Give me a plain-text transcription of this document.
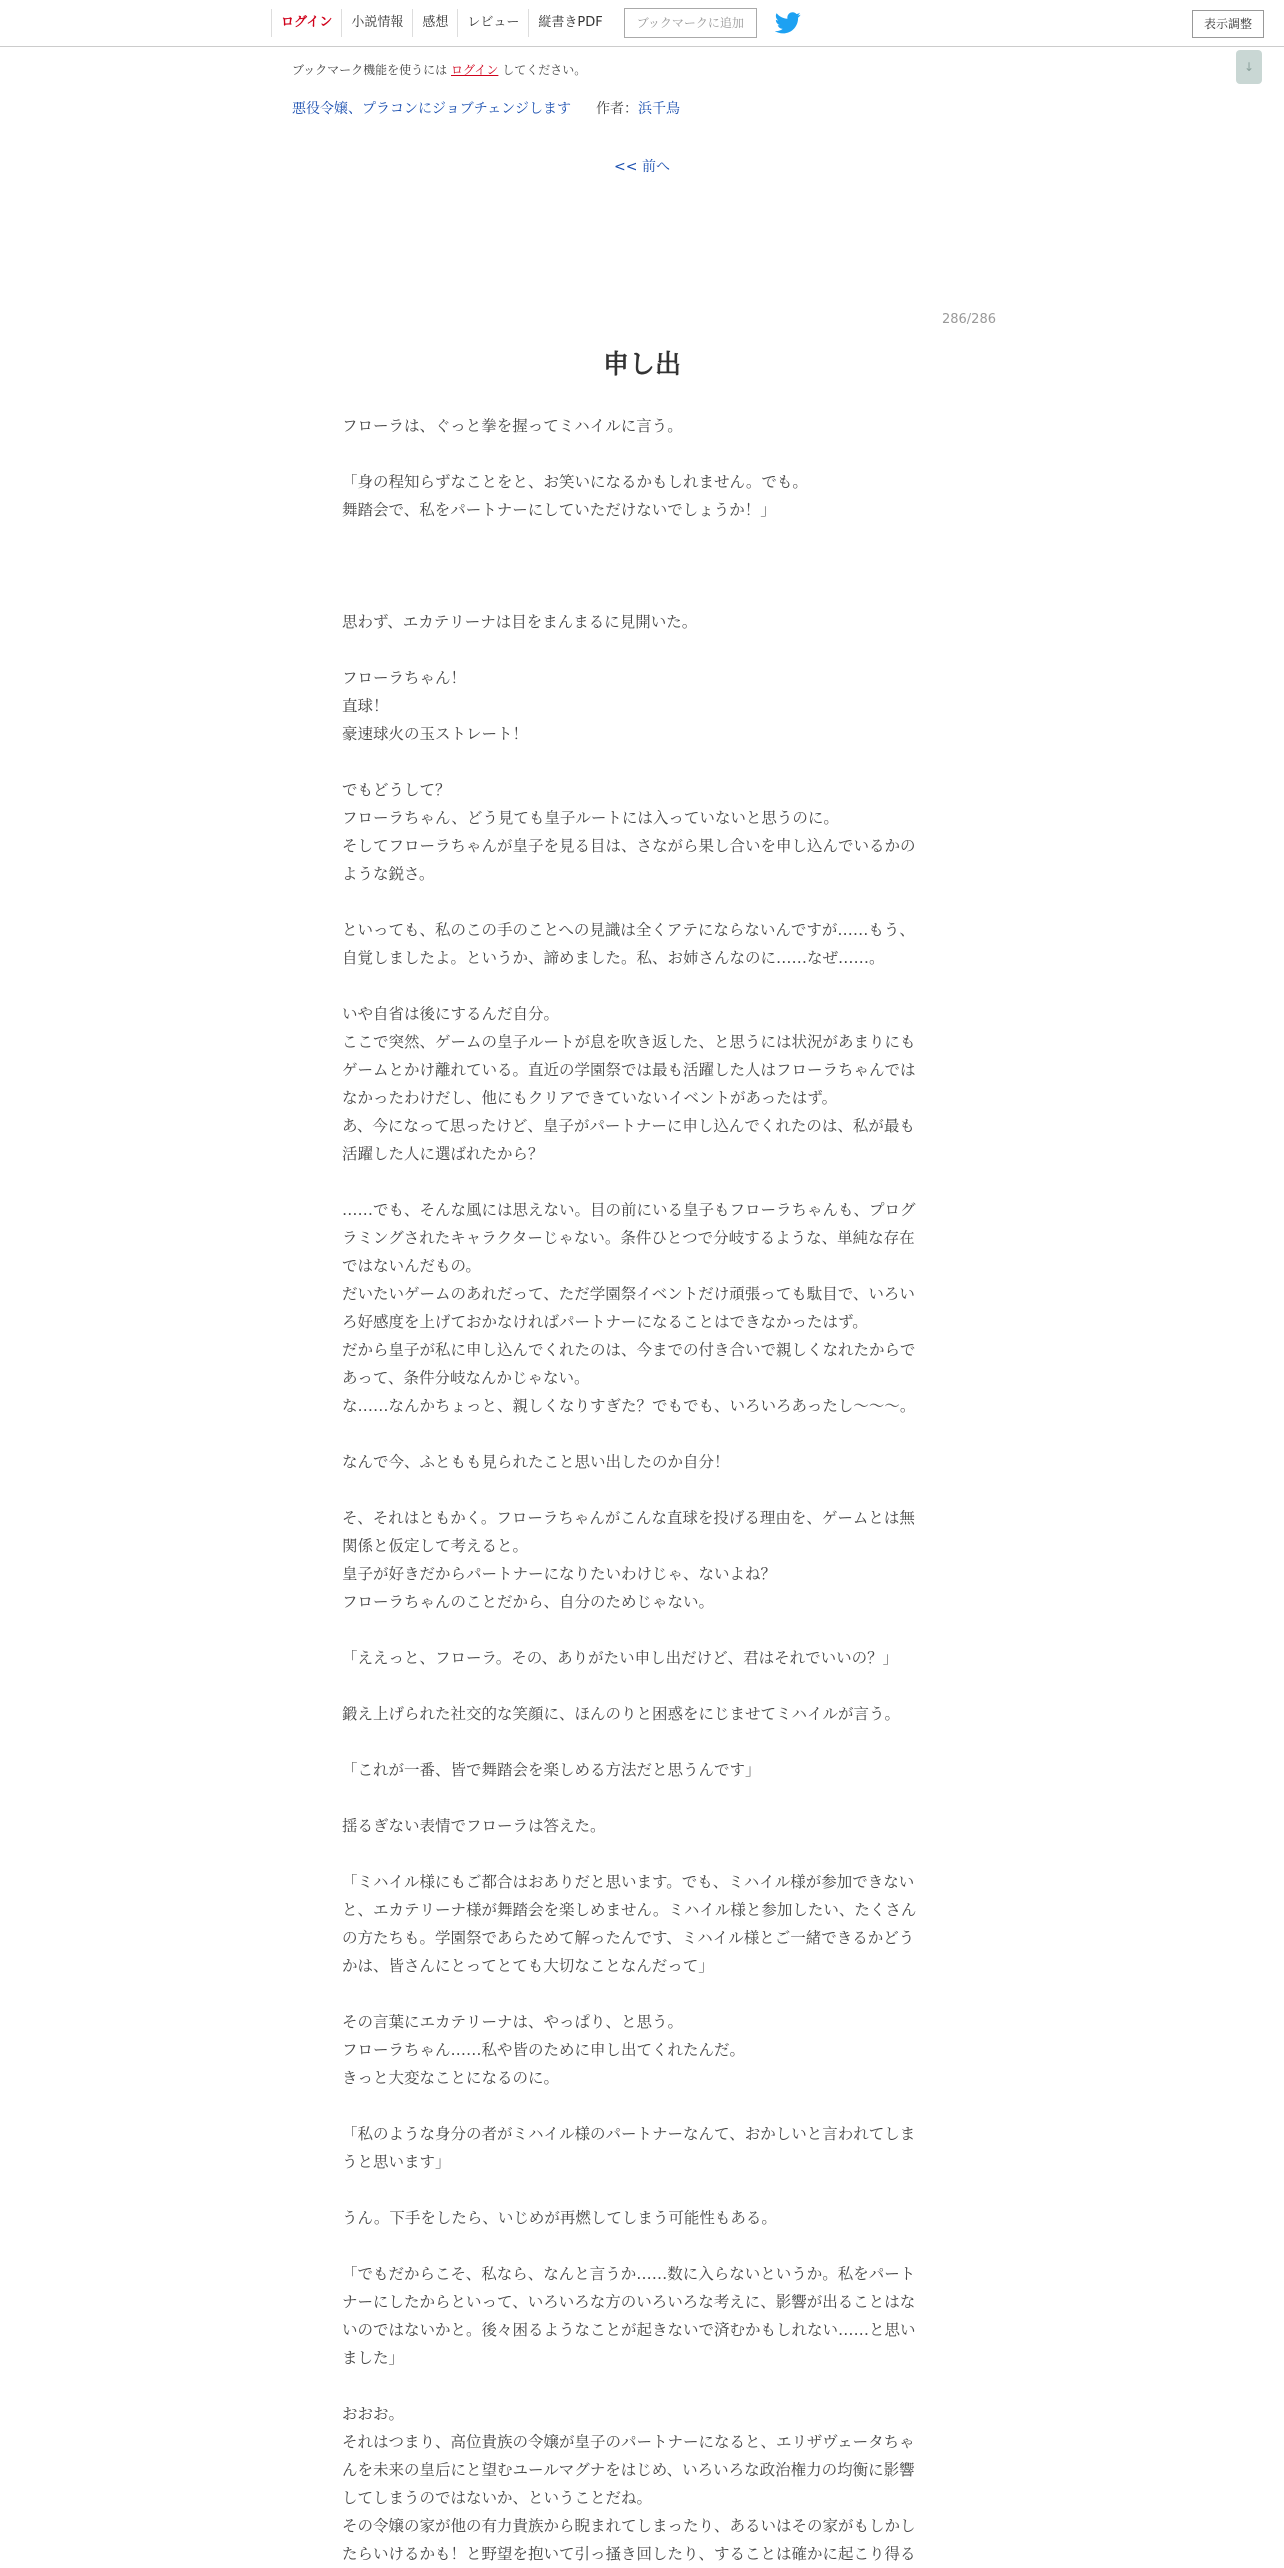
ログイン	小説情報	感想	レビュー	縦書きPDF	ブックマークに追加	表示調整
↓
ブックマーク機能を使うには ログイン してください。
悪役令嬢、プラコンにジョブチェンジします 作者：浜千鳥
<< 前へ
286/286
申し出
フローラは、ぐっと拳を握ってミハイルに言う。
「身の程知らずなことをと、お笑いになるかもしれません。でも。
舞踏会で、私をパートナーにしていただけないでしょうか！」
思わず、エカテリーナは目をまんまるに見開いた。
フローラちゃん！
直球！
豪速球火の玉ストレート！
でもどうして？
フローラちゃん、どう見ても皇子ルートには入っていないと思うのに。
そしてフローラちゃんが皇子を見る目は、さながら果し合いを申し込んでいるかの
ような鋭さ。
といっても、私のこの手のことへの見識は全くアテにならないんですが……もう、
自覚しましたよ。というか、諦めました。私、お姉さんなのに……なぜ……。
いや自省は後にするんだ自分。
ここで突然、ゲームの皇子ルートが息を吹き返した、と思うには状況があまりにも
ゲームとかけ離れている。直近の学園祭では最も活躍した人はフローラちゃんでは
なかったわけだし、他にもクリアできていないイベントがあったはず。
あ、今になって思ったけど、皇子がパートナーに申し込んでくれたのは、私が最も
活躍した人に選ばれたから？
……でも、そんな風には思えない。目の前にいる皇子もフローラちゃんも、プログ
ラミングされたキャラクターじゃない。条件ひとつで分岐するような、単純な存在
ではないんだもの。
だいたいゲームのあれだって、ただ学園祭イベントだけ頑張っても駄目で、いろい
ろ好感度を上げておかなければパートナーになることはできなかったはず。
だから皇子が私に申し込んでくれたのは、今までの付き合いで親しくなれたからで
あって、条件分岐なんかじゃない。
な……なんかちょっと、親しくなりすぎた？でもでも、いろいろあったし〜〜〜。
なんで今、ふともも見られたこと思い出したのか自分！
そ、それはともかく。フローラちゃんがこんな直球を投げる理由を、ゲームとは無
関係と仮定して考えると。
皇子が好きだからパートナーになりたいわけじゃ、ないよね？
フローラちゃんのことだから、自分のためじゃない。
「ええっと、フローラ。その、ありがたい申し出だけど、君はそれでいいの？」
鍛え上げられた社交的な笑顔に、ほんのりと困惑をにじませてミハイルが言う。
「これが一番、皆で舞踏会を楽しめる方法だと思うんです」
揺るぎない表情でフローラは答えた。
「ミハイル様にもご都合はおありだと思います。でも、ミハイル様が参加できない
と、エカテリーナ様が舞踏会を楽しめません。ミハイル様と参加したい、たくさん
の方たちも。学園祭であらためて解ったんです、ミハイル様とご一緒できるかどう
かは、皆さんにとってとても大切なことなんだって」
その言葉にエカテリーナは、やっぱり、と思う。
フローラちゃん……私や皆のために申し出てくれたんだ。
きっと大変なことになるのに。
「私のような身分の者がミハイル様のパートナーなんて、おかしいと言われてしま
うと思います」
うん。下手をしたら、いじめが再燃してしまう可能性もある。
「でもだからこそ、私なら、なんと言うか……数に入らないというか。私をパート
ナーにしたからといって、いろいろな方のいろいろな考えに、影響が出ることはな
いのではないかと。後々困るようなことが起きないで済むかもしれない……と思い
ました」
おおお。
それはつまり、高位貴族の令嬢が皇子のパートナーになると、エリザヴェータちゃ
んを未来の皇后にと望むユールマグナをはじめ、いろいろな政治権力の均衡に影響
してしまうのではないか、ということだね。
その令嬢の家が他の有力貴族から睨まれてしまったり、あるいはその家がもしかし
たらいけるかも！と野望を抱いて引っ搔き回したり、することは確かに起こり得る
